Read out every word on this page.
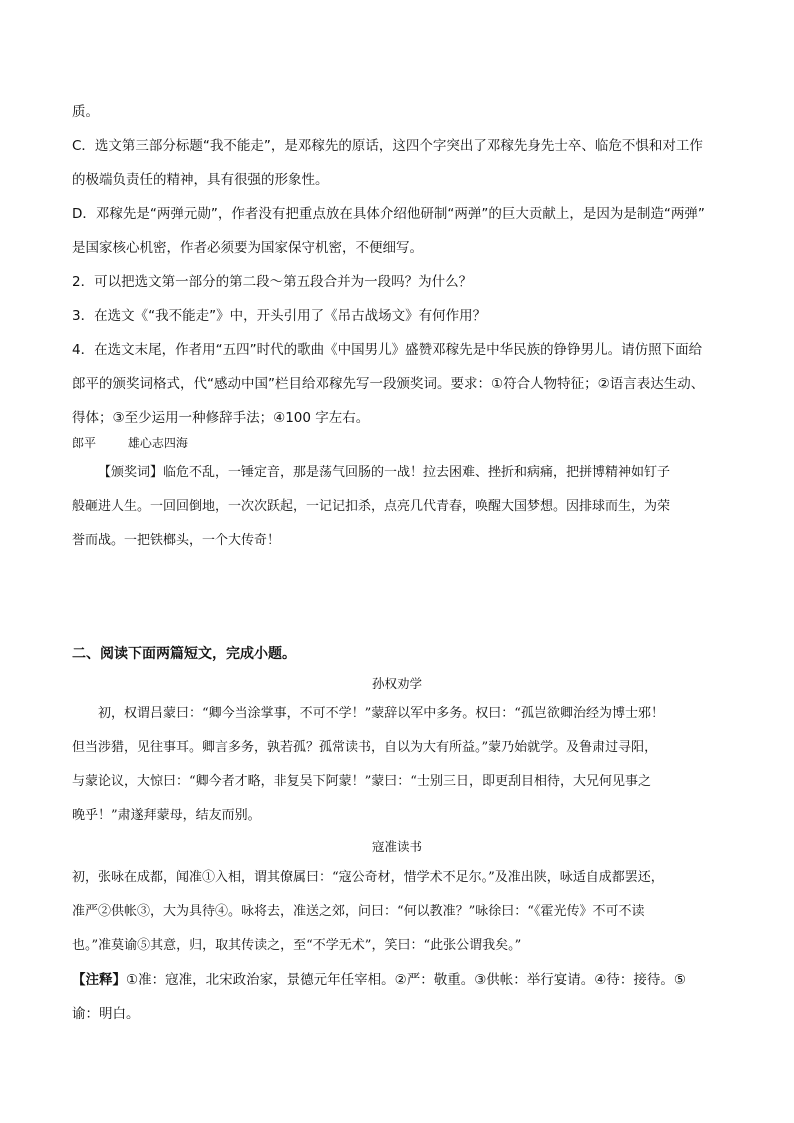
质。

C．选文第三部分标题“我不能走”，是邓稼先的原话，这四个字突出了邓稼先身先士卒、临危不惧和对工作

的极端负责任的精神，具有很强的形象性。

D．邓稼先是“两弹元勋”，作者没有把重点放在具体介绍他研制“两弹”的巨大贡献上，是因为是制造“两弹”

是国家核心机密，作者必须要为国家保守机密，不便细写。

2．可以把选文第一部分的第二段～第五段合并为一段吗？为什么？

3．在选文《“我不能走”》中，开头引用了《吊古战场文》有何作用？

4．在选文末尾，作者用“五四”时代的歌曲《中国男儿》盛赞邓稼先是中华民族的铮铮男儿。请仿照下面给

郎平的颁奖词格式，代“感动中国”栏目给邓稼先写一段颁奖词。要求：①符合人物特征；②语言表达生动、

得体；③至少运用一种修辞手法；④100 字左右。

郎平	雄心志四海

【颁奖词】临危不乱，一锤定音，那是荡气回肠的一战！拉去困难、挫折和病痛，把拼博精神如钉子

般砸进人生。一回回倒地，一次次跃起，一记记扣杀，点亮几代青春，唤醒大国梦想。因排球而生，为荣

誉而战。一把铁榔头，一个大传奇！

二、阅读下面两篇短文，完成小题。

孙权劝学

初，权谓吕蒙曰：“卿今当涂掌事，不可不学！”蒙辞以军中多务。权曰：“孤岂欲卿治经为博士邪！

但当涉猎，见往事耳。卿言多务，孰若孤？孤常读书，自以为大有所益。”蒙乃始就学。及鲁肃过寻阳，

与蒙论议，大惊曰：“卿今者才略，非复吴下阿蒙！”蒙曰：“士别三日，即更刮目相待，大兄何见事之

晚乎！”肃遂拜蒙母，结友而别。

寇准读书

初，张咏在成都，闻准①入相，谓其僚属曰：“寇公奇材，惜学术不足尔。”及准出陕，咏适自成都罢还，

准严②供帐③，大为具待④。咏将去，准送之郊，问曰：“何以教准？”咏徐曰：“《霍光传》不可不读

也。”准莫谕⑤其意，归，取其传读之，至“不学无术”，笑曰：“此张公谓我矣。”

【注释】①准：寇准，北宋政治家，景德元年任宰相。②严：敬重。③供帐：举行宴请。④待：接待。⑤

谕：明白。
